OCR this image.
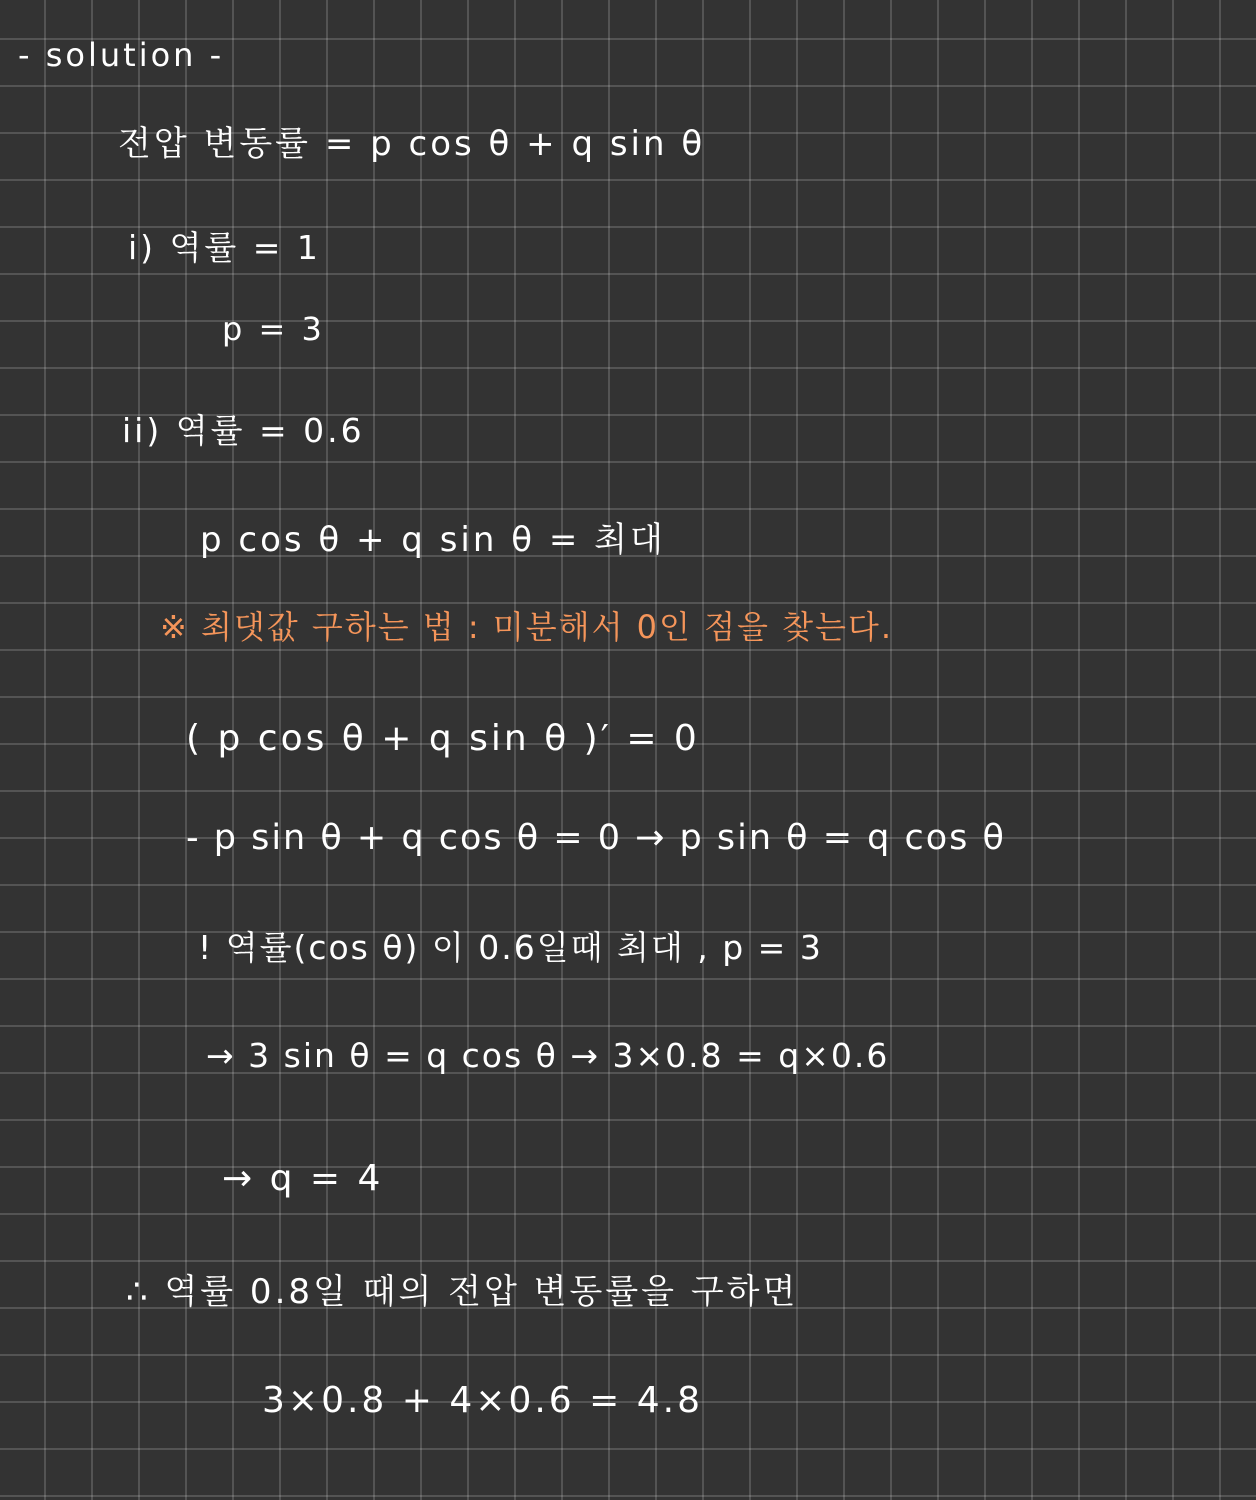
- solution -
전압 변동률 = p cos θ + q sin θ
i) 역률 = 1
p = 3
ii) 역률 = 0.6
p cos θ + q sin θ = 최대
※ 최댓값 구하는 법 : 미분해서 0인 점을 찾는다.
( p cos θ + q sin θ )′ = 0
- p sin θ + q cos θ = 0 → p sin θ = q cos θ
! 역률(cos θ) 이 0.6일때 최대 , p = 3
→ 3 sin θ = q cos θ → 3×0.8 = q×0.6
→ q = 4
∴ 역률 0.8일 때의 전압 변동률을 구하면
3×0.8 + 4×0.6 = 4.8
